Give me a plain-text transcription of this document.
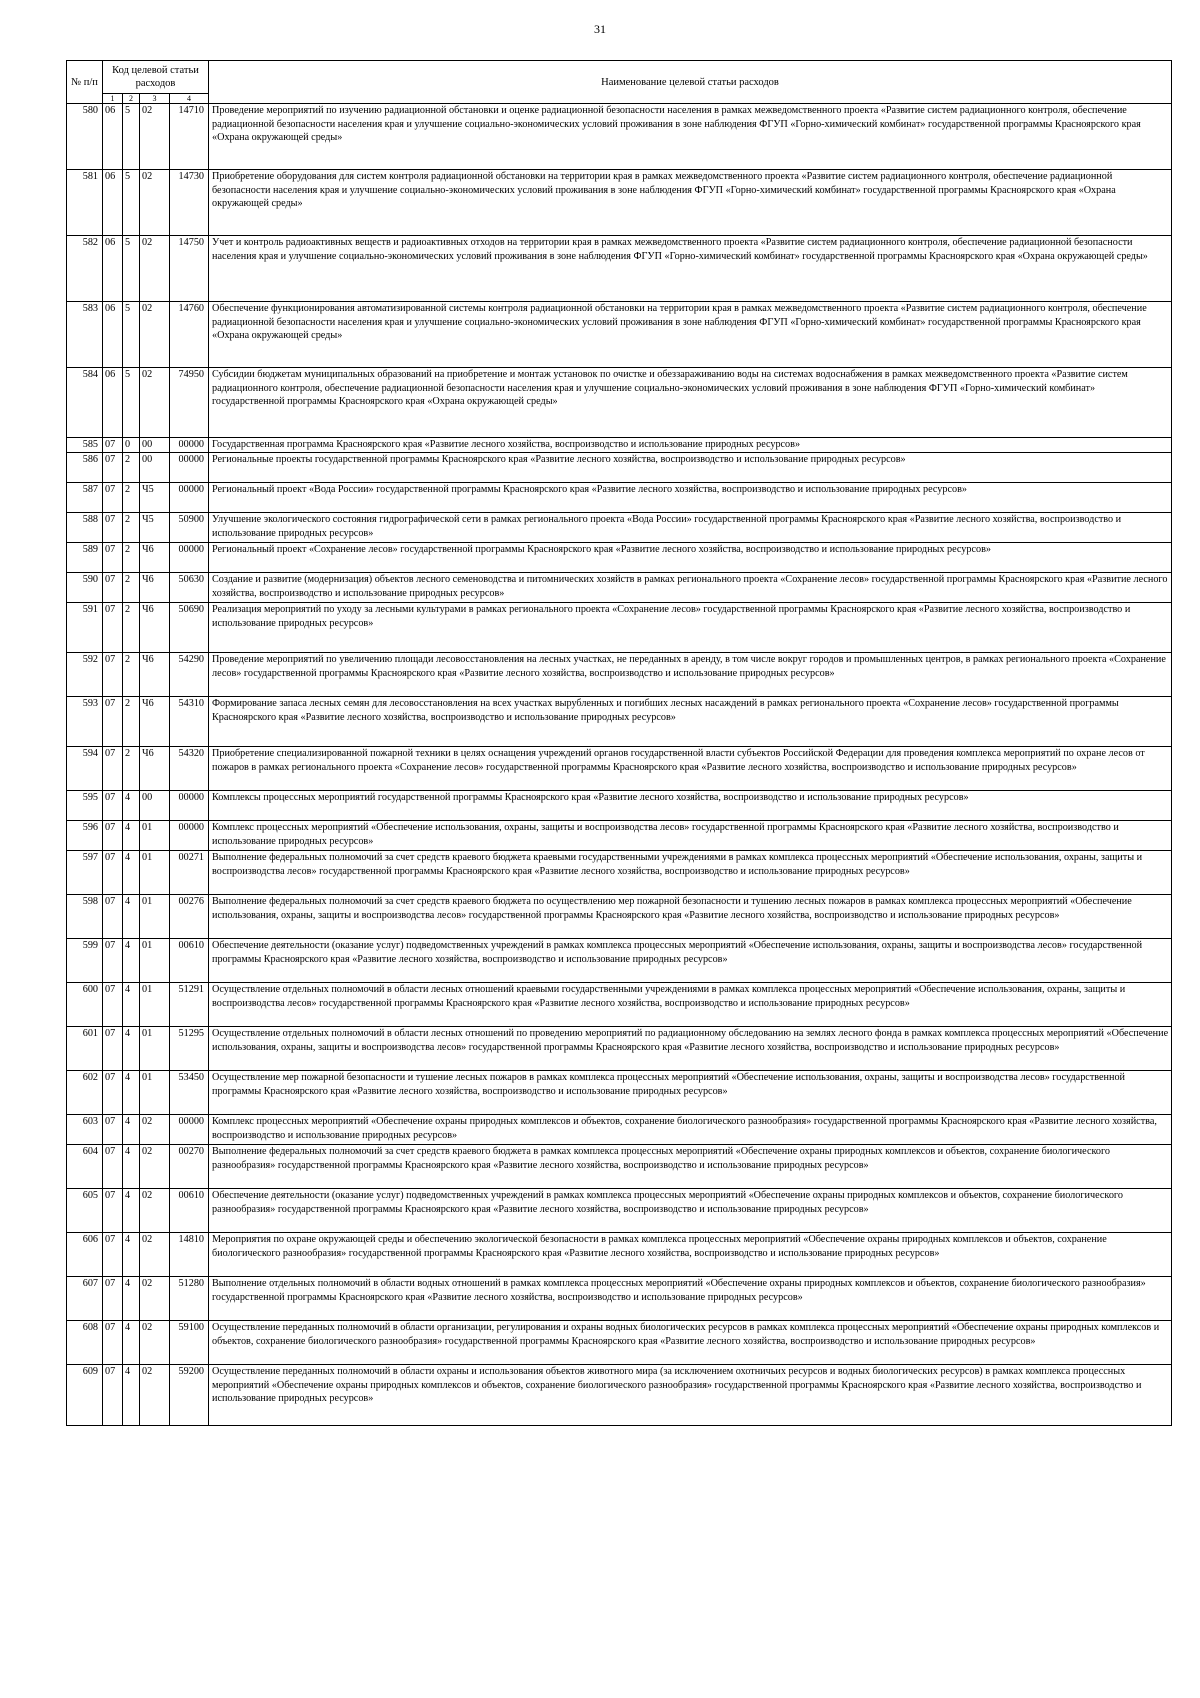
31
№ п/п	Код целевой статьи расходов				Наименование целевой статьи расходов
	1	2	3	4	
580	06	5	02	14710	Проведение мероприятий по изучению радиационной обстановки и оценке радиационной безопасности населения в рамках межведомственного проекта «Развитие систем радиационного контроля, обеспечение радиационной безопасности населения края и улучшение социально-экономических условий проживания в зоне наблюдения ФГУП «Горно-химический комбинат» государственной программы Красноярского края «Охрана окружающей среды»
581	06	5	02	14730	Приобретение оборудования для систем контроля радиационной обстановки на территории края в рамках межведомственного проекта «Развитие систем радиационного контроля, обеспечение радиационной безопасности населения края и улучшение социально-экономических условий проживания в зоне наблюдения ФГУП «Горно-химический комбинат» государственной программы Красноярского края «Охрана окружающей среды»
582	06	5	02	14750	Учет и контроль радиоактивных веществ и радиоактивных отходов на территории края в рамках межведомственного проекта «Развитие систем радиационного контроля, обеспечение радиационной безопасности населения края и улучшение социально-экономических условий проживания в зоне наблюдения ФГУП «Горно-химический комбинат» государственной программы Красноярского края «Охрана окружающей среды»
583	06	5	02	14760	Обеспечение функционирования автоматизированной системы контроля радиационной обстановки на территории края в рамках межведомственного проекта «Развитие систем радиационного контроля, обеспечение радиационной безопасности населения края и улучшение социально-экономических условий проживания в зоне наблюдения ФГУП «Горно-химический комбинат» государственной программы Красноярского края «Охрана окружающей среды»
584	06	5	02	74950	Субсидии бюджетам муниципальных образований на приобретение и монтаж установок по очистке и обеззараживанию воды на системах водоснабжения в рамках межведомственного проекта «Развитие систем радиационного контроля, обеспечение радиационной безопасности населения края и улучшение социально-экономических условий проживания в зоне наблюдения ФГУП «Горно-химический комбинат» государственной программы Красноярского края «Охрана окружающей среды»
585	07	0	00	00000	Государственная программа Красноярского края «Развитие лесного хозяйства, воспроизводство и использование природных ресурсов»
586	07	2	00	00000	Региональные проекты государственной программы Красноярского края «Развитие лесного хозяйства, воспроизводство и использование природных ресурсов»
587	07	2	Ч5	00000	Региональный проект «Вода России» государственной программы Красноярского края «Развитие лесного хозяйства, воспроизводство и использование природных ресурсов»
588	07	2	Ч5	50900	Улучшение экологического состояния гидрографической сети в рамках регионального проекта «Вода России» государственной программы Красноярского края «Развитие лесного хозяйства, воспроизводство и использование природных ресурсов»
589	07	2	Ч6	00000	Региональный проект «Сохранение лесов» государственной программы Красноярского края «Развитие лесного хозяйства, воспроизводство и использование природных ресурсов»
590	07	2	Ч6	50630	Создание и развитие (модернизация) объектов лесного семеноводства и питомнических хозяйств в рамках регионального проекта «Сохранение лесов» государственной программы Красноярского края «Развитие лесного хозяйства, воспроизводство и использование природных ресурсов»
591	07	2	Ч6	50690	Реализация мероприятий по уходу за лесными культурами в рамках регионального проекта «Сохранение лесов» государственной программы Красноярского края «Развитие лесного хозяйства, воспроизводство и использование природных ресурсов»
592	07	2	Ч6	54290	Проведение мероприятий по увеличению площади лесовосстановления на лесных участках, не переданных в аренду, в том числе вокруг городов и промышленных центров, в рамках регионального проекта «Сохранение лесов» государственной программы Красноярского края «Развитие лесного хозяйства, воспроизводство и использование природных ресурсов»
593	07	2	Ч6	54310	Формирование запаса лесных семян для лесовосстановления на всех участках вырубленных и погибших лесных насаждений в рамках регионального проекта «Сохранение лесов» государственной программы Красноярского края «Развитие лесного хозяйства, воспроизводство и использование природных ресурсов»
594	07	2	Ч6	54320	Приобретение специализированной пожарной техники в целях оснащения учреждений органов государственной власти субъектов Российской Федерации для проведения комплекса мероприятий по охране лесов от пожаров в рамках регионального проекта «Сохранение лесов» государственной программы Красноярского края «Развитие лесного хозяйства, воспроизводство и использование природных ресурсов»
595	07	4	00	00000	Комплексы процессных мероприятий государственной программы Красноярского края «Развитие лесного хозяйства, воспроизводство и использование природных ресурсов»
596	07	4	01	00000	Комплекс процессных мероприятий «Обеспечение использования, охраны, защиты и воспроизводства лесов» государственной программы Красноярского края «Развитие лесного хозяйства, воспроизводство и использование природных ресурсов»
597	07	4	01	00271	Выполнение федеральных полномочий за счет средств краевого бюджета краевыми государственными учреждениями в рамках комплекса процессных мероприятий «Обеспечение использования, охраны, защиты и воспроизводства лесов» государственной программы Красноярского края «Развитие лесного хозяйства, воспроизводство и использование природных ресурсов»
598	07	4	01	00276	Выполнение федеральных полномочий за счет средств краевого бюджета по осуществлению мер пожарной безопасности и тушению лесных пожаров в рамках комплекса процессных мероприятий «Обеспечение использования, охраны, защиты и воспроизводства лесов» государственной программы Красноярского края «Развитие лесного хозяйства, воспроизводство и использование природных ресурсов»
599	07	4	01	00610	Обеспечение деятельности (оказание услуг) подведомственных учреждений в рамках комплекса процессных мероприятий «Обеспечение использования, охраны, защиты и воспроизводства лесов» государственной программы Красноярского края «Развитие лесного хозяйства, воспроизводство и использование природных ресурсов»
600	07	4	01	51291	Осуществление отдельных полномочий в области лесных отношений краевыми государственными учреждениями в рамках комплекса процессных мероприятий «Обеспечение использования, охраны, защиты и воспроизводства лесов» государственной программы Красноярского края «Развитие лесного хозяйства, воспроизводство и использование природных ресурсов»
601	07	4	01	51295	Осуществление отдельных полномочий в области лесных отношений по проведению мероприятий по радиационному обследованию на землях лесного фонда в рамках комплекса процессных мероприятий «Обеспечение использования, охраны, защиты и воспроизводства лесов» государственной программы Красноярского края «Развитие лесного хозяйства, воспроизводство и использование природных ресурсов»
602	07	4	01	53450	Осуществление мер пожарной безопасности и тушение лесных пожаров в рамках комплекса процессных мероприятий «Обеспечение использования, охраны, защиты и воспроизводства лесов» государственной программы Красноярского края «Развитие лесного хозяйства, воспроизводство и использование природных ресурсов»
603	07	4	02	00000	Комплекс процессных мероприятий «Обеспечение охраны природных комплексов и объектов, сохранение биологического разнообразия» государственной программы Красноярского края «Развитие лесного хозяйства, воспроизводство и использование природных ресурсов»
604	07	4	02	00270	Выполнение федеральных полномочий за счет средств краевого бюджета в рамках комплекса процессных мероприятий «Обеспечение охраны природных комплексов и объектов, сохранение биологического разнообразия» государственной программы Красноярского края «Развитие лесного хозяйства, воспроизводство и использование природных ресурсов»
605	07	4	02	00610	Обеспечение деятельности (оказание услуг) подведомственных учреждений в рамках комплекса процессных мероприятий «Обеспечение охраны природных комплексов и объектов, сохранение биологического разнообразия» государственной программы Красноярского края «Развитие лесного хозяйства, воспроизводство и использование природных ресурсов»
606	07	4	02	14810	Мероприятия по охране окружающей среды и обеспечению экологической безопасности в рамках комплекса процессных мероприятий «Обеспечение охраны природных комплексов и объектов, сохранение биологического разнообразия» государственной программы Красноярского края «Развитие лесного хозяйства, воспроизводство и использование природных ресурсов»
607	07	4	02	51280	Выполнение отдельных полномочий в области водных отношений в рамках комплекса процессных мероприятий «Обеспечение охраны природных комплексов и объектов, сохранение биологического разнообразия» государственной программы Красноярского края «Развитие лесного хозяйства, воспроизводство и использование природных ресурсов»
608	07	4	02	59100	Осуществление переданных полномочий в области организации, регулирования и охраны водных биологических ресурсов в рамках комплекса процессных мероприятий «Обеспечение охраны природных комплексов и объектов, сохранение биологического разнообразия» государственной программы Красноярского края «Развитие лесного хозяйства, воспроизводство и использование природных ресурсов»
609	07	4	02	59200	Осуществление переданных полномочий в области охраны и использования объектов животного мира (за исключением охотничьих ресурсов и водных биологических ресурсов) в рамках комплекса процессных мероприятий «Обеспечение охраны природных комплексов и объектов, сохранение биологического разнообразия» государственной программы Красноярского края «Развитие лесного хозяйства, воспроизводство и использование природных ресурсов»
